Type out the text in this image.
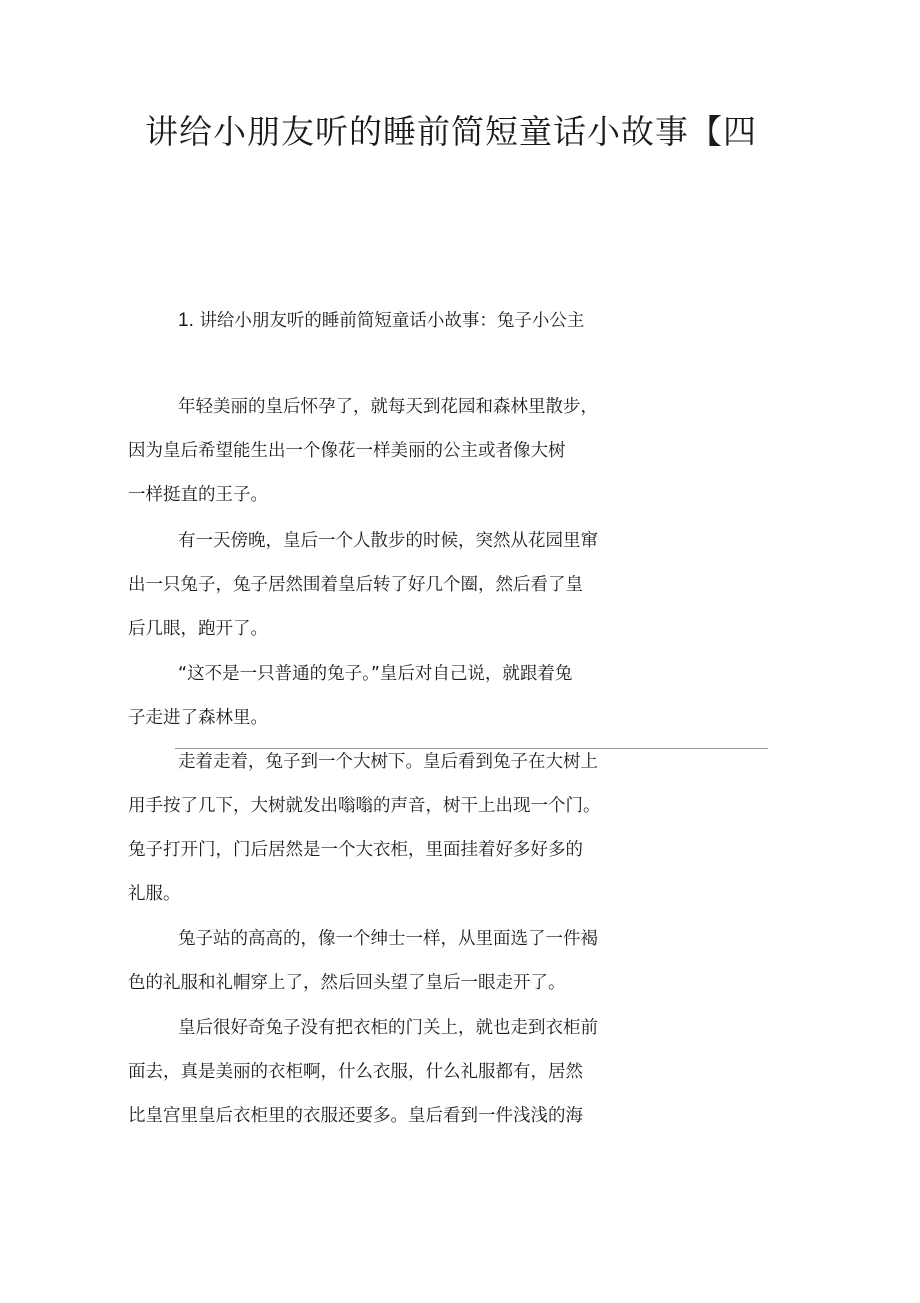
讲给小朋友听的睡前简短童话小故事【四
1. 讲给小朋友听的睡前简短童话小故事：兔子小公主
年轻美丽的皇后怀孕了，就每天到花园和森林里散步，
因为皇后希望能生出一个像花一样美丽的公主或者像大树
一样挺直的王子。
有一天傍晚，皇后一个人散步的时候，突然从花园里窜
出一只兔子，兔子居然围着皇后转了好几个圈，然后看了皇
后几眼，跑开了。
“这不是一只普通的兔子。”皇后对自己说，就跟着兔
子走进了森林里。
走着走着，兔子到一个大树下。皇后看到兔子在大树上
用手按了几下，大树就发出嗡嗡的声音，树干上出现一个门。
兔子打开门，门后居然是一个大衣柜，里面挂着好多好多的
礼服。
兔子站的高高的，像一个绅士一样，从里面选了一件褐
色的礼服和礼帽穿上了，然后回头望了皇后一眼走开了。
皇后很好奇兔子没有把衣柜的门关上，就也走到衣柜前
面去，真是美丽的衣柜啊，什么衣服，什么礼服都有，居然
比皇宫里皇后衣柜里的衣服还要多。皇后看到一件浅浅的海
